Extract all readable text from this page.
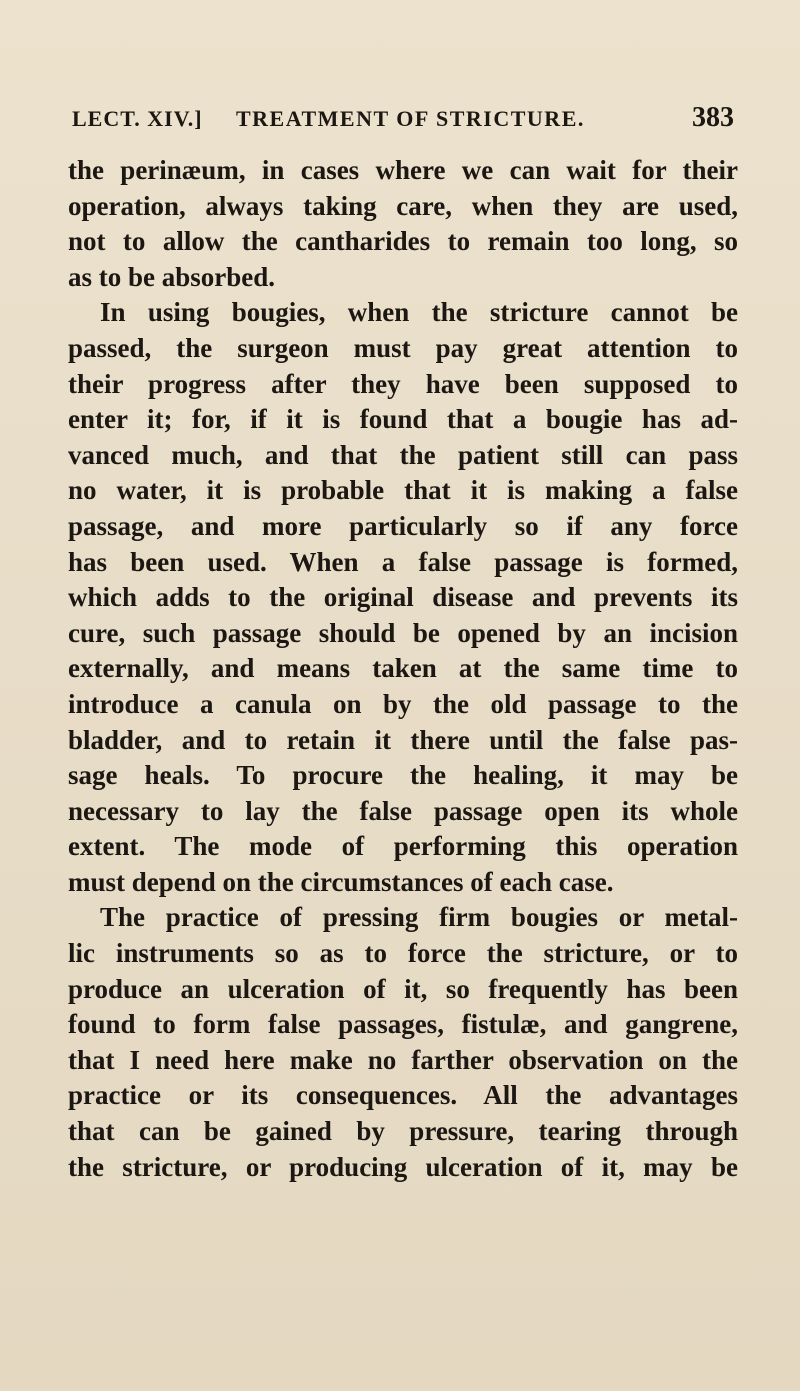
LECT. XIV.] TREATMENT OF STRICTURE.	383
the perinæum, in cases where we can wait for their
operation, always taking care, when they are used,
not to allow the cantharides to remain too long, so
as to be absorbed.
In using bougies, when the stricture cannot be
passed, the surgeon must pay great attention to
their progress after they have been supposed to
enter it; for, if it is found that a bougie has ad-
vanced much, and that the patient still can pass
no water, it is probable that it is making a false
passage, and more particularly so if any force
has been used. When a false passage is formed,
which adds to the original disease and prevents its
cure, such passage should be opened by an incision
externally, and means taken at the same time to
introduce a canula on by the old passage to the
bladder, and to retain it there until the false pas-
sage heals. To procure the healing, it may be
necessary to lay the false passage open its whole
extent. The mode of performing this operation
must depend on the circumstances of each case.
The practice of pressing firm bougies or metal-
lic instruments so as to force the stricture, or to
produce an ulceration of it, so frequently has been
found to form false passages, fistulæ, and gangrene,
that I need here make no farther observation on the
practice or its consequences. All the advantages
that can be gained by pressure, tearing through
the stricture, or producing ulceration of it, may be
